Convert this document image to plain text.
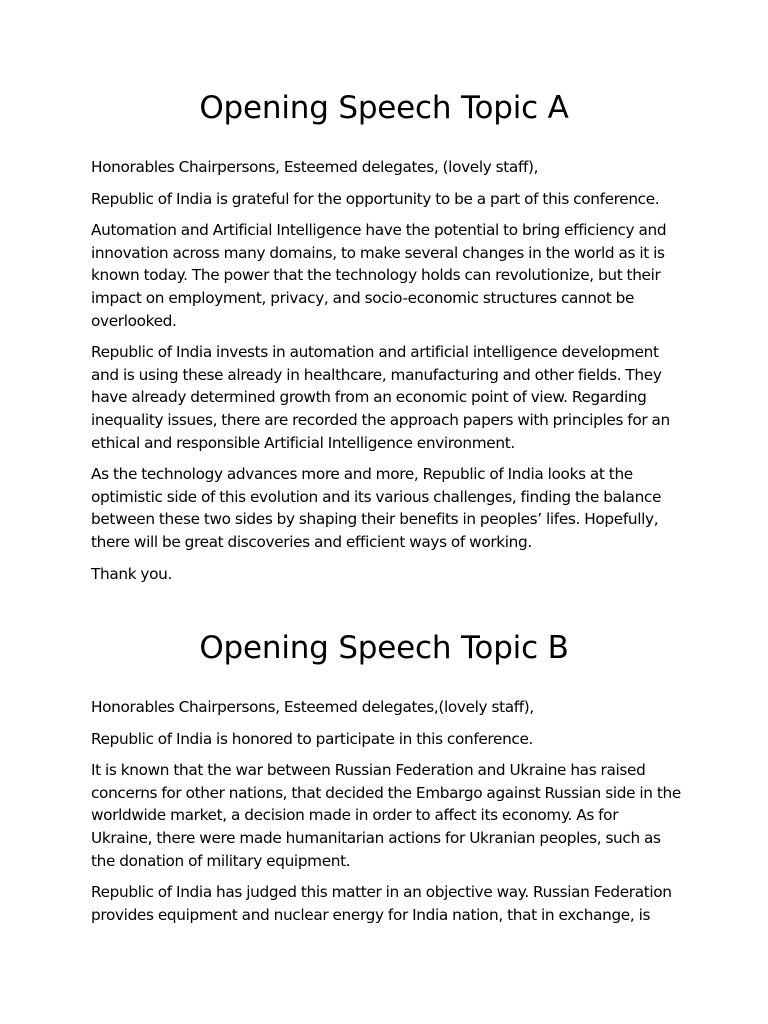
Opening Speech Topic A

Honorables Chairpersons, Esteemed delegates, (lovely staff),

Republic of India is grateful for the opportunity to be a part of this conference.

Automation and Artificial Intelligence have the potential to bring efficiency and innovation across many domains, to make several changes in the world as it is known today. The power that the technology holds can revolutionize, but their impact on employment, privacy, and socio-economic structures cannot be overlooked.

Republic of India invests in automation and artificial intelligence development and is using these already in healthcare, manufacturing and other fields. They have already determined growth from an economic point of view. Regarding inequality issues, there are recorded the approach papers with principles for an ethical and responsible Artificial Intelligence environment.

As the technology advances more and more, Republic of India looks at the optimistic side of this evolution and its various challenges, finding the balance between these two sides by shaping their benefits in peoples’ lifes. Hopefully, there will be great discoveries and efficient ways of working.

Thank you.

Opening Speech Topic B

Honorables Chairpersons, Esteemed delegates,(lovely staff),

Republic of India is honored to participate in this conference.

It is known that the war between Russian Federation and Ukraine has raised concerns for other nations, that decided the Embargo against Russian side in the worldwide market, a decision made in order to affect its economy. As for Ukraine, there were made humanitarian actions for Ukranian peoples, such as the donation of military equipment.

Republic of India has judged this matter in an objective way. Russian Federation provides equipment and nuclear energy for India nation, that in exchange, is
